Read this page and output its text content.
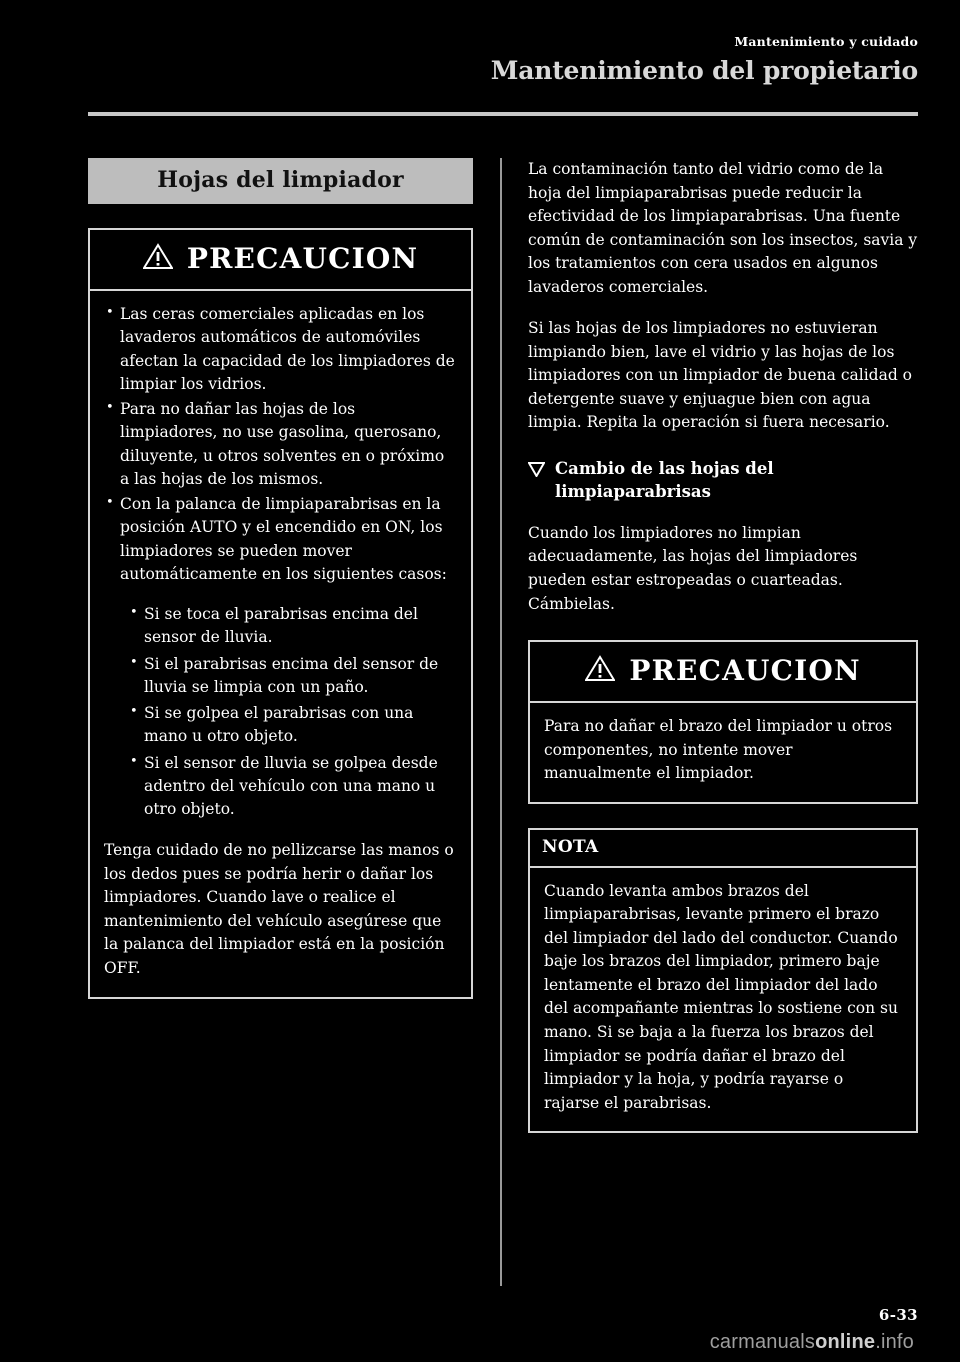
Mantenimiento y cuidado
Mantenimiento del propietario
Hojas del limpiador
PRECAUCION
• Las ceras comerciales aplicadas en los lavaderos automáticos de automóviles afectan la capacidad de los limpiadores de limpiar los vidrios.
• Para no dañar las hojas de los limpiadores, no use gasolina, querosano, diluyente, u otros solventes en o próximo a las hojas de los mismos.
• Con la palanca de limpiaparabrisas en la posición AUTO y el encendido en ON, los limpiadores se pueden mover automáticamente en los siguientes casos:
• Si se toca el parabrisas encima del sensor de lluvia.
• Si el parabrisas encima del sensor de lluvia se limpia con un paño.
• Si se golpea el parabrisas con una mano u otro objeto.
• Si el sensor de lluvia se golpea desde adentro del vehículo con una mano u otro objeto.
Tenga cuidado de no pellizcarse las manos o los dedos pues se podría herir o dañar los limpiadores. Cuando lave o realice el mantenimiento del vehículo asegúrese que la palanca del limpiador está en la posición OFF.
La contaminación tanto del vidrio como de la hoja del limpiaparabrisas puede reducir la efectividad de los limpiaparabrisas. Una fuente común de contaminación son los insectos, savia y los tratamientos con cera usados en algunos lavaderos comerciales.
Si las hojas de los limpiadores no estuvieran limpiando bien, lave el vidrio y las hojas de los limpiadores con un limpiador de buena calidad o detergente suave y enjuague bien con agua limpia. Repita la operación si fuera necesario.
Cambio de las hojas del limpiaparabrisas
Cuando los limpiadores no limpian adecuadamente, las hojas del limpiadores pueden estar estropeadas o cuarteadas. Cámbielas.
PRECAUCION
Para no dañar el brazo del limpiador u otros componentes, no intente mover manualmente el limpiador.
NOTA
Cuando levanta ambos brazos del limpiaparabrisas, levante primero el brazo del limpiador del lado del conductor. Cuando baje los brazos del limpiador, primero baje lentamente el brazo del limpiador del lado del acompañante mientras lo sostiene con su mano. Si se baja a la fuerza los brazos del limpiador se podría dañar el brazo del limpiador y la hoja, y podría rayarse o rajarse el parabrisas.
6-33
carmanualsonline.info
